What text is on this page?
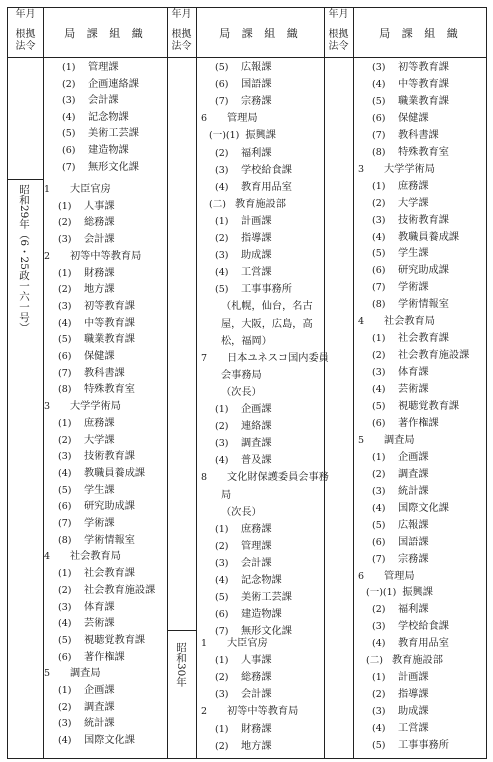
年月
根拠
法令
局 課 組 織
年月
根拠
法令
局 課 組 織
年月
根拠
法令
局 課 組 織
昭和29年（6・25政一六一号）
昭和30年
(1) 管理課
(2) 企画連絡課
(3) 会計課
(4) 記念物課
(5) 美術工芸課
(6) 建造物課
(7) 無形文化課
1 大臣官房
(1) 人事課
(2) 総務課
(3) 会計課
2 初等中等教育局
(1) 財務課
(2) 地方課
(3) 初等教育課
(4) 中等教育課
(5) 職業教育課
(6) 保健課
(7) 教科書課
(8) 特殊教育室
3 大学学術局
(1) 庶務課
(2) 大学課
(3) 技術教育課
(4) 教職員養成課
(5) 学生課
(6) 研究助成課
(7) 学術課
(8) 学術情報室
4 社会教育局
(1) 社会教育課
(2) 社会教育施設課
(3) 体育課
(4) 芸術課
(5) 視聴覚教育課
(6) 著作権課
5 調査局
(1) 企画課
(2) 調査課
(3) 統計課
(4) 国際文化課
(5) 広報課
(6) 国語課
(7) 宗務課
6 管理局
(一)(1) 振興課
(2) 福利課
(3) 学校給食課
(4) 教育用品室
(二) 教育施設部
(1) 計画課
(2) 指導課
(3) 助成課
(4) 工営課
(5) 工事事務所
（札幌，仙台，名古
屋，大阪，広島，高
松，福岡）
7 日本ユネスコ国内委員
会事務局
（次長）
(1) 企画課
(2) 連絡課
(3) 調査課
(4) 普及課
8 文化財保護委員会事務
局
（次長）
(1) 庶務課
(2) 管理課
(3) 会計課
(4) 記念物課
(5) 美術工芸課
(6) 建造物課
(7) 無形文化課
1 大臣官房
(1) 人事課
(2) 総務課
(3) 会計課
2 初等中等教育局
(1) 財務課
(2) 地方課
(3) 初等教育課
(4) 中等教育課
(5) 職業教育課
(6) 保健課
(7) 教科書課
(8) 特殊教育室
3 大学学術局
(1) 庶務課
(2) 大学課
(3) 技術教育課
(4) 教職員養成課
(5) 学生課
(6) 研究助成課
(7) 学術課
(8) 学術情報室
4 社会教育局
(1) 社会教育課
(2) 社会教育施設課
(3) 体育課
(4) 芸術課
(5) 視聴覚教育課
(6) 著作権課
5 調査局
(1) 企画課
(2) 調査課
(3) 統計課
(4) 国際文化課
(5) 広報課
(6) 国語課
(7) 宗務課
6 管理局
(一)(1) 振興課
(2) 福利課
(3) 学校給食課
(4) 教育用品室
(二) 教育施設部
(1) 計画課
(2) 指導課
(3) 助成課
(4) 工営課
(5) 工事事務所
